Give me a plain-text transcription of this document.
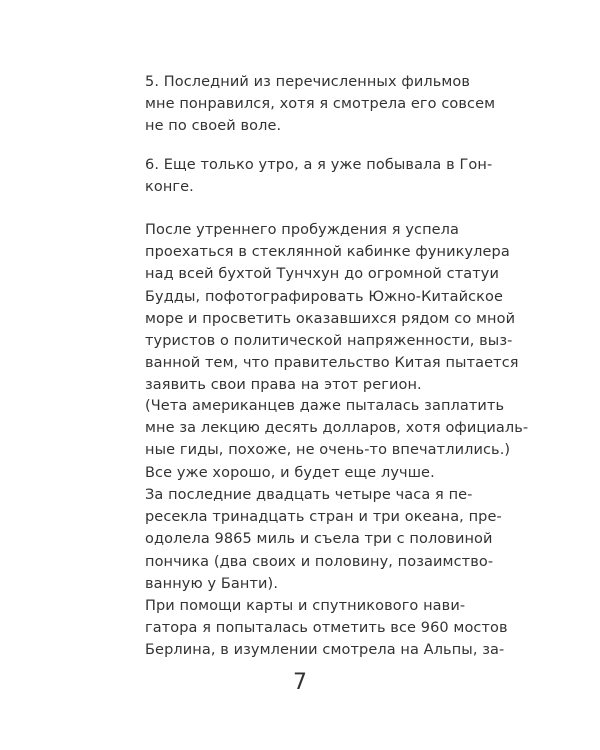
5. Последний из перечисленных фильмов
мне понравился, хотя я смотрела его совсем
не по своей воле.
6. Еще только утро, а я уже побывала в Гон-
конге.
После утреннего пробуждения я успела
проехаться в стеклянной кабинке фуникулера
над всей бухтой Тунчхун до огромной статуи
Будды, пофотографировать Южно-Китайское
море и просветить оказавшихся рядом со мной
туристов о политической напряженности, выз-
ванной тем, что правительство Китая пытается
заявить свои права на этот регион.
(Чета американцев даже пыталась заплатить
мне за лекцию десять долларов, хотя официаль-
ные гиды, похоже, не очень-то впечатлились.)
Все уже хорошо, и будет еще лучше.
За последние двадцать четыре часа я пе-
ресекла тринадцать стран и три океана, пре-
одолела 9865 миль и съела три с половиной
пончика (два своих и половину, позаимство-
ванную у Банти).
При помощи карты и спутникового нави-
гатора я попыталась отметить все 960 мостов
Берлина, в изумлении смотрела на Альпы, за-
7
